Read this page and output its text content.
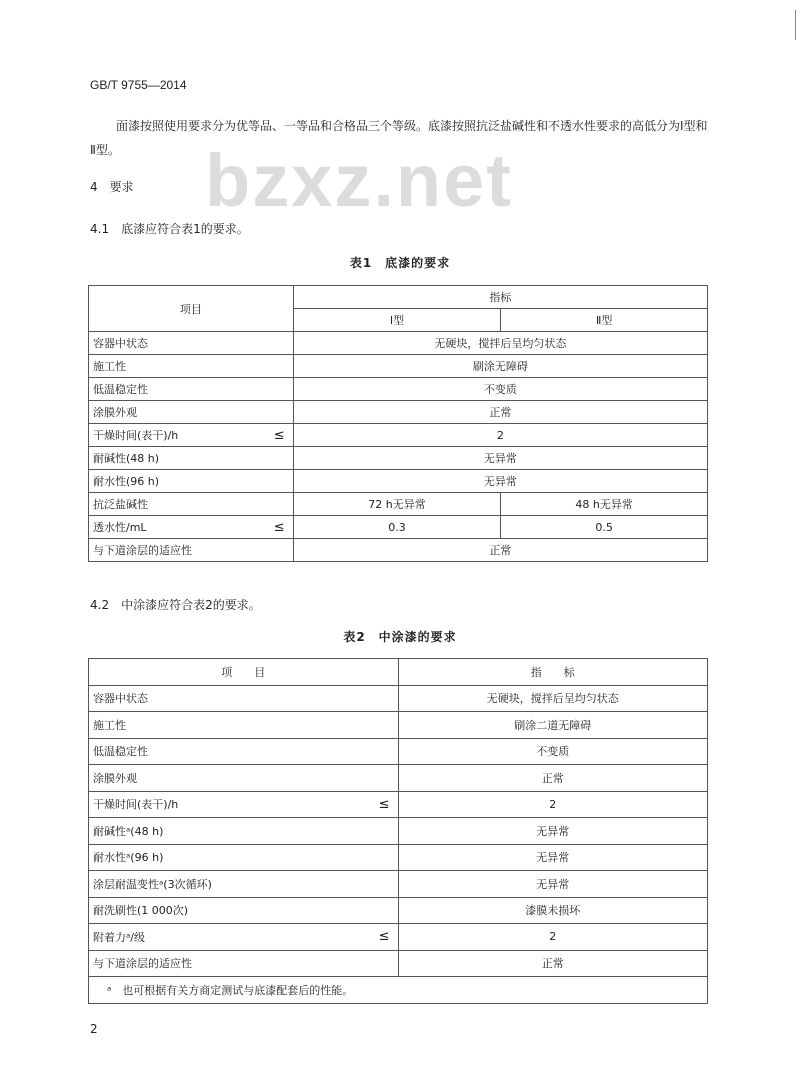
GB/T 9755—2014
面漆按照使用要求分为优等品、一等品和合格品三个等级。底漆按照抗泛盐碱性和不透水性要求的高低分为Ⅰ型和Ⅱ型。	bzxz.net
4　要求
4.1　底漆应符合表1的要求。
表1　底漆的要求
项目		指标	
		Ⅰ型	Ⅱ型
容器中状态		无硬块，搅拌后呈均匀状态	
施工性		刷涂无障碍	
低温稳定性		不变质	
涂膜外观		正常	
干燥时间(表干)/h	≤	2	
耐碱性(48 h)		无异常	
耐水性(96 h)		无异常	
抗泛盐碱性		72 h无异常	48 h无异常
透水性/mL	≤	0.3	0.5
与下道涂层的适应性		正常	
4.2　中涂漆应符合表2的要求。
表2　中涂漆的要求
项　　目		指　　标
容器中状态		无硬块，搅拌后呈均匀状态
施工性		刷涂二道无障碍
低温稳定性		不变质
涂膜外观		正常
干燥时间(表干)/h	≤	2
耐碱性ᵃ(48 h)		无异常
耐水性ᵃ(96 h)		无异常
涂层耐温变性ᵃ(3次循环)		无异常
耐洗刷性(1 000次)		漆膜未损坏
附着力ᵃ/级	≤	2
与下道涂层的适应性		正常
ᵃ　也可根据有关方商定测试与底漆配套后的性能。		
2
